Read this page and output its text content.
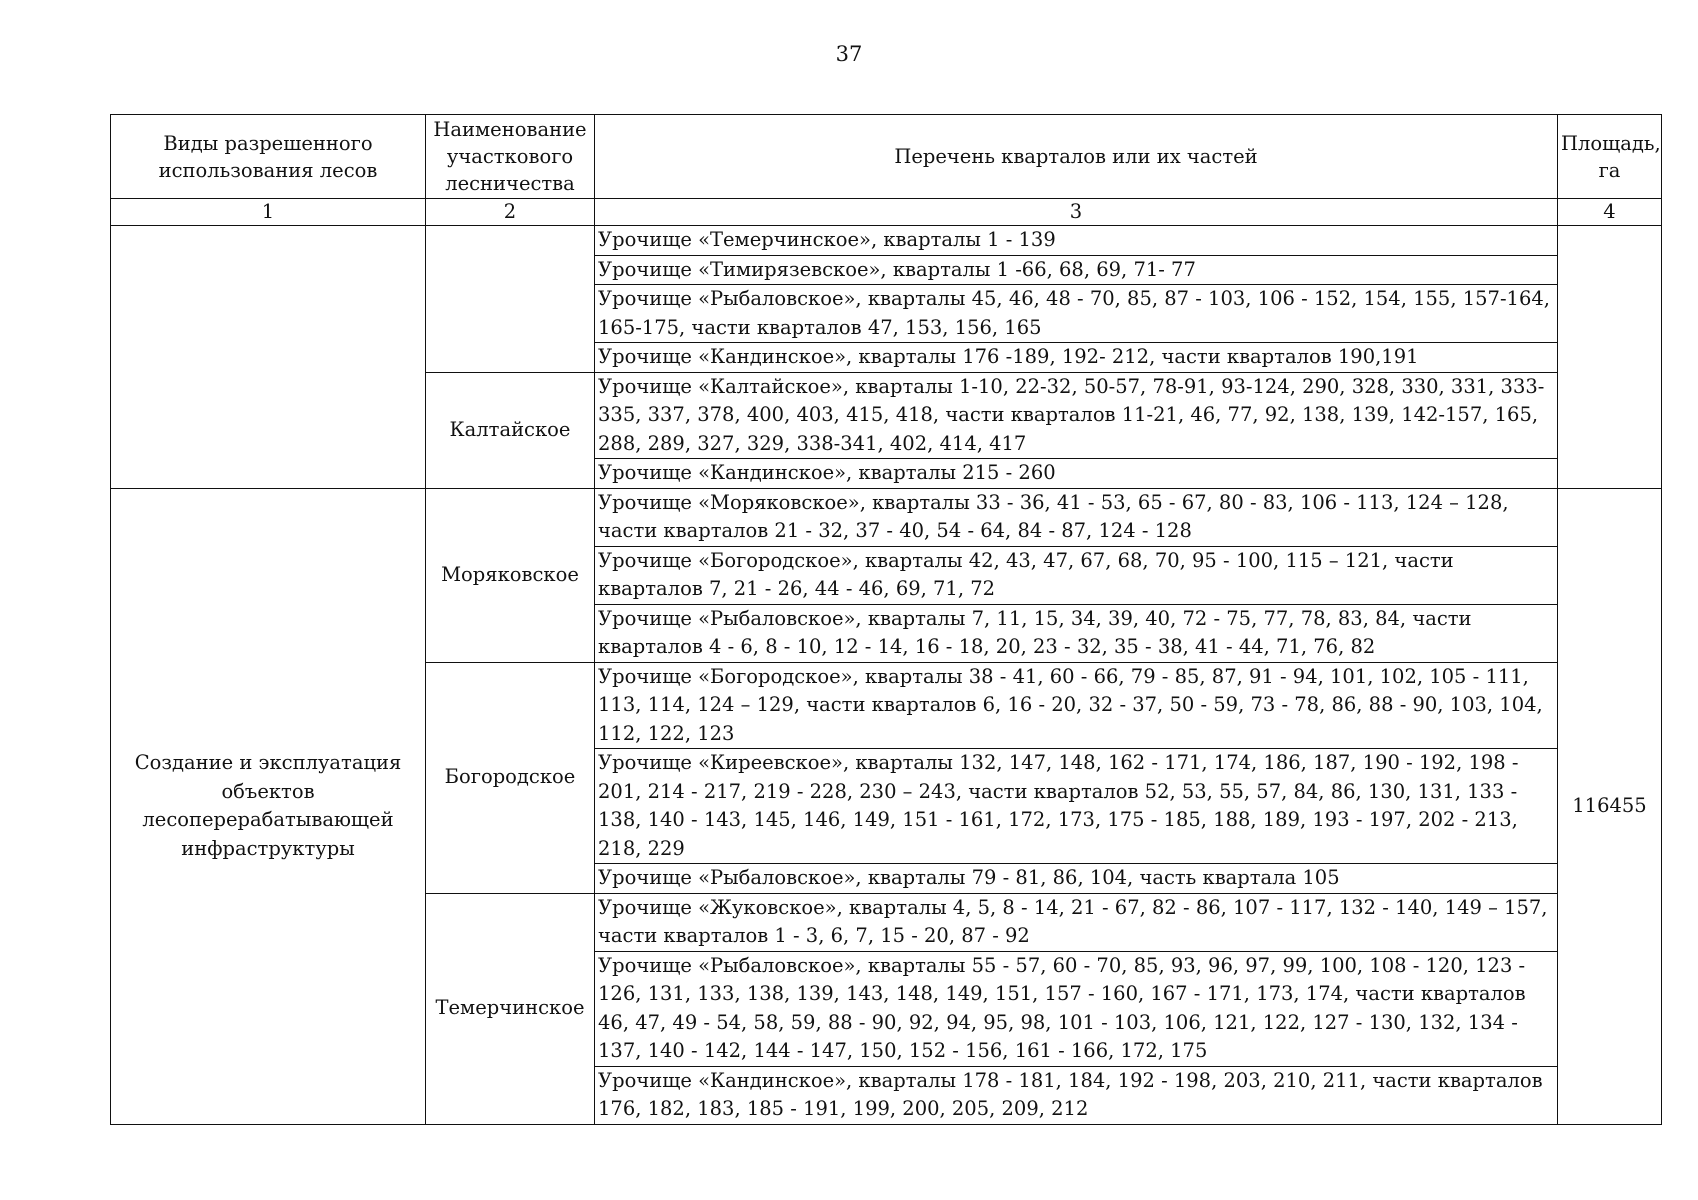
37
Виды разрешенного использования лесов	Наименование участкового лесничества	Перечень кварталов или их частей	Площадь, га
1	2	3	4
		Урочище «Темерчинское», кварталы 1 - 139	
		Урочище «Тимирязевское», кварталы 1 -66, 68, 69, 71- 77	
		Урочище «Рыбаловское», кварталы 45, 46, 48 - 70, 85, 87 - 103, 106 - 152, 154, 155, 157-164, 165-175, части кварталов 47, 153, 156, 165	
		Урочище «Кандинское», кварталы 176 -189, 192- 212, части кварталов 190,191	
	Калтайское	Урочище «Калтайское», кварталы 1-10, 22-32, 50-57, 78-91, 93-124, 290, 328, 330, 331, 333-335, 337, 378, 400, 403, 415, 418, части кварталов 11-21, 46, 77, 92, 138, 139, 142-157, 165, 288, 289, 327, 329, 338-341, 402, 414, 417	
		Урочище «Кандинское», кварталы 215 - 260	
Создание и эксплуатация объектов лесоперерабатывающей инфраструктуры	Моряковское	Урочище «Моряковское», кварталы 33 - 36, 41 - 53, 65 - 67, 80 - 83, 106 - 113, 124 – 128, части кварталов 21 - 32, 37 - 40, 54 - 64, 84 - 87, 124 - 128	116455
		Урочище «Богородское», кварталы 42, 43, 47, 67, 68, 70, 95 - 100, 115 – 121, части кварталов 7, 21 - 26, 44 - 46, 69, 71, 72	
		Урочище «Рыбаловское», кварталы 7, 11, 15, 34, 39, 40, 72 - 75, 77, 78, 83, 84, части кварталов 4 - 6, 8 - 10, 12 - 14, 16 - 18, 20, 23 - 32, 35 - 38, 41 - 44, 71, 76, 82	
	Богородское	Урочище «Богородское», кварталы 38 - 41, 60 - 66, 79 - 85, 87, 91 - 94, 101, 102, 105 - 111, 113, 114, 124 – 129, части кварталов 6, 16 - 20, 32 - 37, 50 - 59, 73 - 78, 86, 88 - 90, 103, 104, 112, 122, 123	
		Урочище «Киреевское», кварталы 132, 147, 148, 162 - 171, 174, 186, 187, 190 - 192, 198 - 201, 214 - 217, 219 - 228, 230 – 243, части кварталов 52, 53, 55, 57, 84, 86, 130, 131, 133 - 138, 140 - 143, 145, 146, 149, 151 - 161, 172, 173, 175 - 185, 188, 189, 193 - 197, 202 - 213, 218, 229	
		Урочище «Рыбаловское», кварталы 79 - 81, 86, 104, часть квартала 105	
	Темерчинское	Урочище «Жуковское», кварталы 4, 5, 8 - 14, 21 - 67, 82 - 86, 107 - 117, 132 - 140, 149 – 157, части кварталов 1 - 3, 6, 7, 15 - 20, 87 - 92	
		Урочище «Рыбаловское», кварталы 55 - 57, 60 - 70, 85, 93, 96, 97, 99, 100, 108 - 120, 123 - 126, 131, 133, 138, 139, 143, 148, 149, 151, 157 - 160, 167 - 171, 173, 174, части кварталов 46, 47, 49 - 54, 58, 59, 88 - 90, 92, 94, 95, 98, 101 - 103, 106, 121, 122, 127 - 130, 132, 134 - 137, 140 - 142, 144 - 147, 150, 152 - 156, 161 - 166, 172, 175	
		Урочище «Кандинское», кварталы 178 - 181, 184, 192 - 198, 203, 210, 211, части кварталов 176, 182, 183, 185 - 191, 199, 200, 205, 209, 212	
